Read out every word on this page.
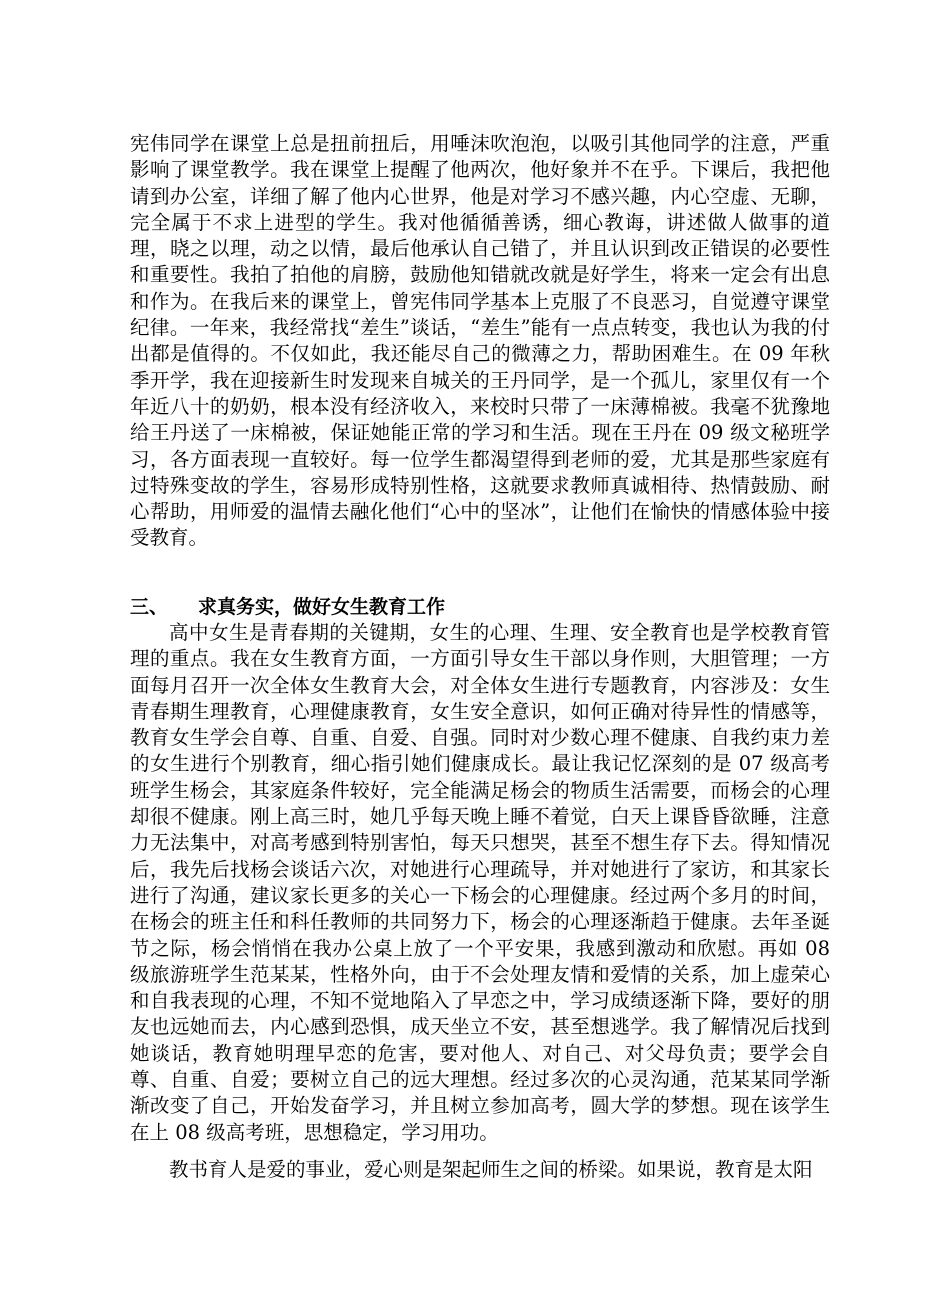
宪伟同学在课堂上总是扭前扭后，用唾沫吹泡泡，以吸引其他同学的注意，严重影响了课堂教学。我在课堂上提醒了他两次，他好象并不在乎。下课后，我把他请到办公室，详细了解了他内心世界，他是对学习不感兴趣，内心空虚、无聊，完全属于不求上进型的学生。我对他循循善诱，细心教诲，讲述做人做事的道理，晓之以理，动之以情，最后他承认自己错了，并且认识到改正错误的必要性和重要性。我拍了拍他的肩膀，鼓励他知错就改就是好学生，将来一定会有出息和作为。在我后来的课堂上，曾宪伟同学基本上克服了不良恶习，自觉遵守课堂纪律。一年来，我经常找“差生”谈话，“差生”能有一点点转变，我也认为我的付出都是值得的。不仅如此，我还能尽自己的微薄之力，帮助困难生。在 09 年秋季开学，我在迎接新生时发现来自城关的王丹同学，是一个孤儿，家里仅有一个年近八十的奶奶，根本没有经济收入，来校时只带了一床薄棉被。我毫不犹豫地给王丹送了一床棉被，保证她能正常的学习和生活。现在王丹在 09 级文秘班学习，各方面表现一直较好。每一位学生都渴望得到老师的爱，尤其是那些家庭有过特殊变故的学生，容易形成特别性格，这就要求教师真诚相待、热情鼓励、耐心帮助，用师爱的温情去融化他们“心中的坚冰”，让他们在愉快的情感体验中接受教育。

三、 求真务实，做好女生教育工作

高中女生是青春期的关键期，女生的心理、生理、安全教育也是学校教育管理的重点。我在女生教育方面，一方面引导女生干部以身作则，大胆管理；一方面每月召开一次全体女生教育大会，对全体女生进行专题教育，内容涉及：女生青春期生理教育，心理健康教育，女生安全意识，如何正确对待异性的情感等，教育女生学会自尊、自重、自爱、自强。同时对少数心理不健康、自我约束力差的女生进行个别教育，细心指引她们健康成长。最让我记忆深刻的是 07 级高考班学生杨会，其家庭条件较好，完全能满足杨会的物质生活需要，而杨会的心理却很不健康。刚上高三时，她几乎每天晚上睡不着觉，白天上课昏昏欲睡，注意力无法集中，对高考感到特别害怕，每天只想哭，甚至不想生存下去。得知情况后，我先后找杨会谈话六次，对她进行心理疏导，并对她进行了家访，和其家长进行了沟通，建议家长更多的关心一下杨会的心理健康。经过两个多月的时间，在杨会的班主任和科任教师的共同努力下，杨会的心理逐渐趋于健康。去年圣诞节之际，杨会悄悄在我办公桌上放了一个平安果，我感到激动和欣慰。再如 08 级旅游班学生范某某，性格外向，由于不会处理友情和爱情的关系，加上虚荣心和自我表现的心理，不知不觉地陷入了早恋之中，学习成绩逐渐下降，要好的朋友也远她而去，内心感到恐惧，成天坐立不安，甚至想逃学。我了解情况后找到她谈话，教育她明理早恋的危害，要对他人、对自己、对父母负责；要学会自尊、自重、自爱；要树立自己的远大理想。经过多次的心灵沟通，范某某同学渐渐改变了自己，开始发奋学习，并且树立参加高考，圆大学的梦想。现在该学生在上 08 级高考班，思想稳定，学习用功。

教书育人是爱的事业，爱心则是架起师生之间的桥梁。如果说，教育是太阳
